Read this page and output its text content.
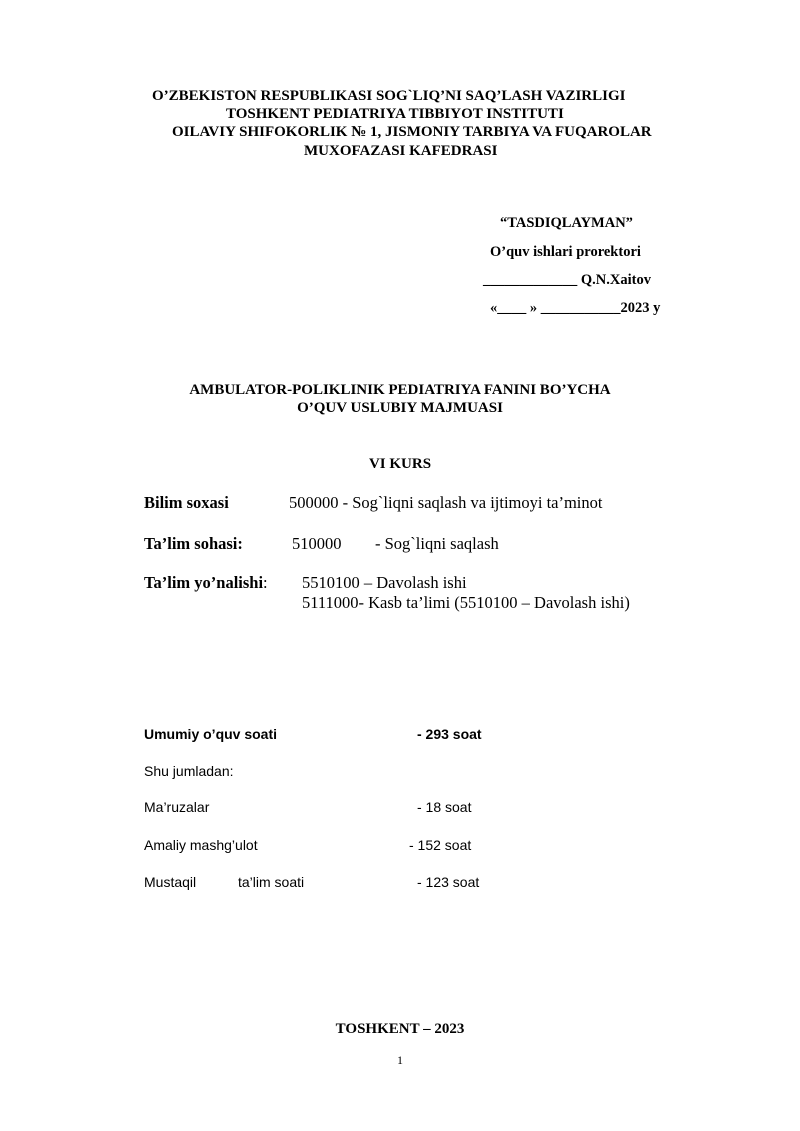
O’ZBEKISTON RESPUBLIKASI SOG`LIQ’NI SAQ’LASH VAZIRLIGI
TOSHKENT PEDIATRIYA TIBBIYOT INSTITUTI
OILAVIY SHIFOKORLIK № 1, JISMONIY TARBIYA VA FUQAROLAR
MUXOFAZASI KAFEDRASI
“TASDIQLAYMAN”
O’quv ishlari prorektori
_____________ Q.N.Xaitov
«____ » ___________2023 y
AMBULATOR-POLIKLINIK PEDIATRIYA FANINI BO’YCHA
O’QUV USLUBIY MAJMUASI
VI KURS
Bilim soxasi	500000 - Sog`liqni saqlash va ijtimoyi ta’minot
Ta’lim sohasi:	510000 - Sog`liqni saqlash
Ta’lim yo’nalishi: 5510100 – Davolash ishi
5111000- Kasb ta’limi (5510100 – Davolash ishi)
Umumiy o’quv soati	- 293 soat
Shu jumladan:
Ma’ruzalar	- 18 soat
Amaliy mashg’ulot	- 152 soat
Mustaqil	ta’lim soati	- 123 soat
TOSHKENT – 2023
1
